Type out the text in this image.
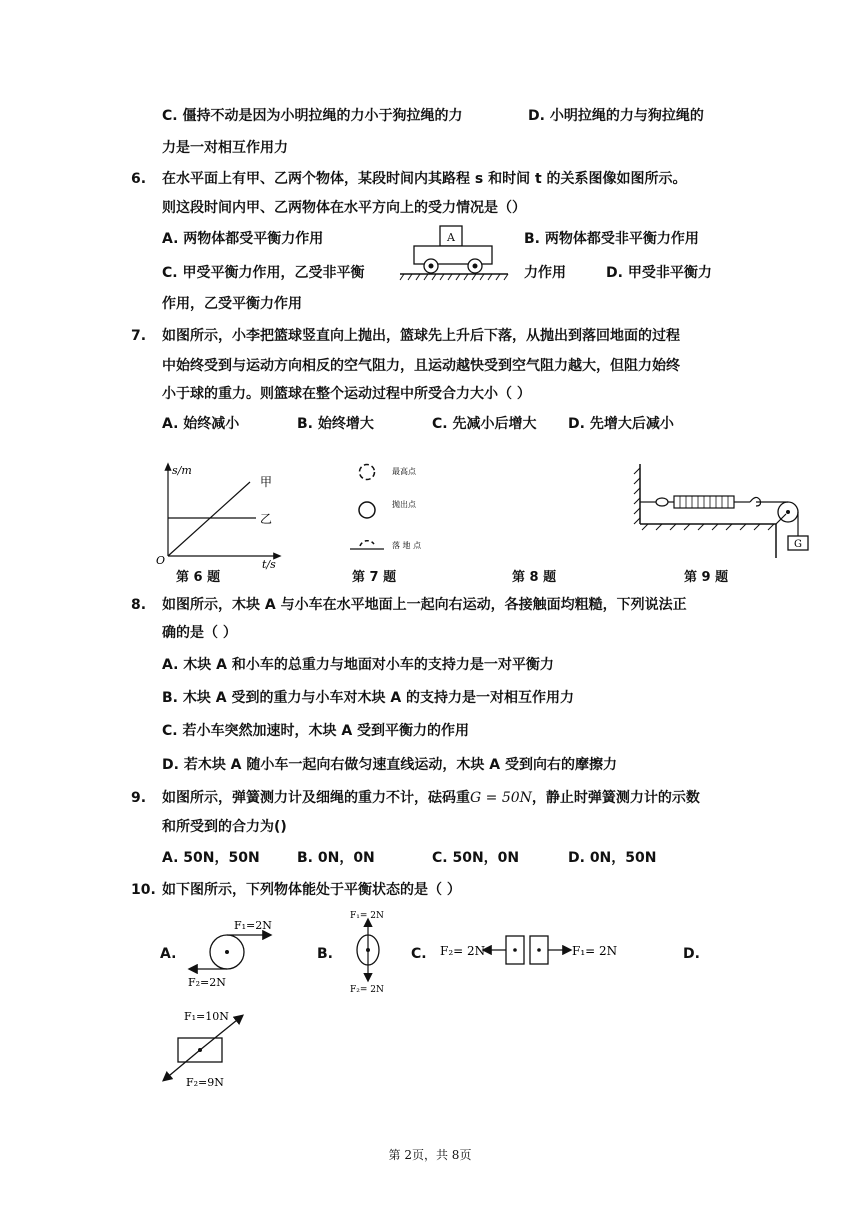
C. 僵持不动是因为小明拉绳的力小于狗拉绳的力	D. 小明拉绳的力与狗拉绳的
力是一对相互作用力
6. 在水平面上有甲、乙两个物体，某段时间内其路程 s 和时间 t 的关系图像如图所示。
则这段时间内甲、乙两物体在水平方向上的受力情况是（）
A. 两物体都受平衡力作用	B. 两物体都受非平衡力作用
C. 甲受平衡力作用，乙受非平衡	力作用	D. 甲受非平衡力
作用，乙受平衡力作用
A
7. 如图所示，小李把篮球竖直向上抛出，篮球先上升后下落，从抛出到落回地面的过程
中始终受到与运动方向相反的空气阻力，且运动越快受到空气阻力越大，但阻力始终
小于球的重力。则篮球在整个运动过程中所受合力大小（ ）
A. 始终减小	B. 始终增大	C. 先减小后增大 D. 先增大后减小
s/m
t/s
O
甲
乙
最高点
抛出点
落 地 点	G
第 6 题	第 7 题	第 8 题	第 9 题
8. 如图所示，木块 A 与小车在水平地面上一起向右运动，各接触面均粗糙，下列说法正
确的是（ ）
A. 木块 A 和小车的总重力与地面对小车的支持力是一对平衡力
B. 木块 A 受到的重力与小车对木块 A 的支持力是一对相互作用力
C. 若小车突然加速时，木块 A 受到平衡力的作用
D. 若木块 A 随小车一起向右做匀速直线运动，木块 A 受到向右的摩擦力
9. 如图所示，弹簧测力计及细绳的重力不计，砝码重G = 50N，静止时弹簧测力计的示数
和所受到的合力为()
A. 50N，50N	B. 0N，0N	C. 50N，0N	D. 0N，50N
10. 如下图所示，下列物体能处于平衡状态的是（ ）
A.	B.	C.	D.
F₁=2N
F₂=2N
F₁= 2N
F₂= 2N
F₂= 2N	F₁= 2N
F₁=10N
F₂=9N
第 2页，共 8页
